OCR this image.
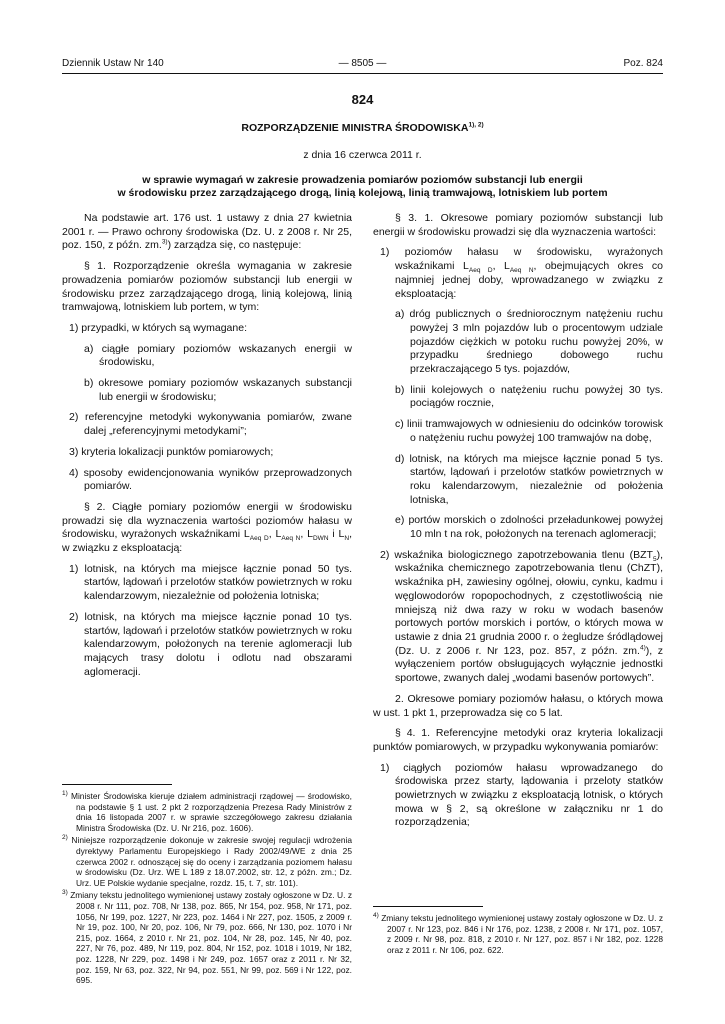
Dziennik Ustaw Nr 140	— 8505 —	Poz. 824
824
ROZPORZĄDZENIE MINISTRA $ŚRODOWISKA^{1), 2)}$
z dnia 16 czerwca 2011 r.
w sprawie wymagań w zakresie prowadzenia pomiarów poziomów substancji lub energii
w środowisku przez zarządzającego drogą, linią kolejową, linią tramwajową, lotniskiem lub portem

Na podstawie art. 176 ust. 1 ustawy z dnia 27 kwietnia 2001 r. — Prawo ochrony środowiska (Dz. U. z 2008 r. Nr 25, poz. 150, z późn. zm.$^{3)}$) zarządza się, co następuje:

§ 1. Rozporządzenie określa wymagania w zakresie prowadzenia pomiarów poziomów substancji lub energii w środowisku przez zarządzającego drogą, linią kolejową, linią tramwajową, lotniskiem lub portem, w tym:

1) przypadki, w których są wymagane:

a) ciągłe pomiary poziomów wskazanych energii w środowisku,

b) okresowe pomiary poziomów wskazanych substancji lub energii w środowisku;

2) referencyjne metodyki wykonywania pomiarów, zwane dalej „referencyjnymi metodykami”;

3) kryteria lokalizacji punktów pomiarowych;

4) sposoby ewidencjonowania wyników przeprowadzonych pomiarów.

§ 2. Ciągłe pomiary poziomów energii w środowisku prowadzi się dla wyznaczenia wartości poziomów hałasu w środowisku, wyrażonych wskaźnikami $L_{Aeq D}$, $L_{Aeq N}$, $L_{DWN}$ i $L_N$, w związku z eksploatacją:

1) lotnisk, na których ma miejsce łącznie ponad 50 tys. startów, lądowań i przelotów statków powietrznych w roku kalendarzowym, niezależnie od położenia lotniska;

2) lotnisk, na których ma miejsce łącznie ponad 10 tys. startów, lądowań i przelotów statków powietrznych w roku kalendarzowym, położonych na terenie aglomeracji lub mających trasy dolotu i odlotu nad obszarami aglomeracji.

$^{1)}$ Minister Środowiska kieruje działem administracji rządowej — środowisko, na podstawie § 1 ust. 2 pkt 2 rozporządzenia Prezesa Rady Ministrów z dnia 16 listopada 2007 r. w sprawie szczegółowego zakresu działania Ministra Środowiska (Dz. U. Nr 216, poz. 1606).

$^{2)}$ Niniejsze rozporządzenie dokonuje w zakresie swojej regulacji wdrożenia dyrektywy Parlamentu Europejskiego i Rady 2002/49/WE z dnia 25 czerwca 2002 r. odnoszącej się do oceny i zarządzania poziomem hałasu w środowisku (Dz. Urz. WE L 189 z 18.07.2002, str. 12, z późn. zm.; Dz. Urz. UE Polskie wydanie specjalne, rozdz. 15, t. 7, str. 101).

$^{3)}$ Zmiany tekstu jednolitego wymienionej ustawy zostały ogłoszone w Dz. U. z 2008 r. Nr 111, poz. 708, Nr 138, poz. 865, Nr 154, poz. 958, Nr 171, poz. 1056, Nr 199, poz. 1227, Nr 223, poz. 1464 i Nr 227, poz. 1505, z 2009 r. Nr 19, poz. 100, Nr 20, poz. 106, Nr 79, poz. 666, Nr 130, poz. 1070 i Nr 215, poz. 1664, z 2010 r. Nr 21, poz. 104, Nr 28, poz. 145, Nr 40, poz. 227, Nr 76, poz. 489, Nr 119, poz. 804, Nr 152, poz. 1018 i 1019, Nr 182, poz. 1228, Nr 229, poz. 1498 i Nr 249, poz. 1657 oraz z 2011 r. Nr 32, poz. 159, Nr 63, poz. 322, Nr 94, poz. 551, Nr 99, poz. 569 i Nr 122, poz. 695.

§ 3. 1. Okresowe pomiary poziomów substancji lub energii w środowisku prowadzi się dla wyznaczenia wartości:

1) poziomów hałasu w środowisku, wyrażonych wskaźnikami $L_{Aeq D}$, $L_{Aeq N}$, obejmujących okres co najmniej jednej doby, wprowadzanego w związku z eksploatacją:

a) dróg publicznych o średniorocznym natężeniu ruchu powyżej 3 mln pojazdów lub o procentowym udziale pojazdów ciężkich w potoku ruchu powyżej 20%, w przypadku średniego dobowego ruchu przekraczającego 5 tys. pojazdów,

b) linii kolejowych o natężeniu ruchu powyżej 30 tys. pociągów rocznie,

c) linii tramwajowych w odniesieniu do odcinków torowisk o natężeniu ruchu powyżej 100 tramwajów na dobę,

d) lotnisk, na których ma miejsce łącznie ponad 5 tys. startów, lądowań i przelotów statków powietrznych w roku kalendarzowym, niezależnie od położenia lotniska,

e) portów morskich o zdolności przeładunkowej powyżej 10 mln t na rok, położonych na terenach aglomeracji;

2) wskaźnika biologicznego zapotrzebowania tlenu $(BZT_5)$, wskaźnika chemicznego zapotrzebowania tlenu (ChZT), wskaźnika pH, zawiesiny ogólnej, ołowiu, cynku, kadmu i węglowodorów ropopochodnych, z częstotliwością nie mniejszą niż dwa razy w roku w wodach basenów portowych portów morskich i portów, o których mowa w ustawie z dnia 21 grudnia 2000 r. o żegludze śródlądowej (Dz. U. z 2006 r. Nr 123, poz. 857, z późn. zm.$^{4)}$), z wyłączeniem portów obsługujących wyłącznie jednostki sportowe, zwanych dalej „wodami basenów portowych”.

2. Okresowe pomiary poziomów hałasu, o których mowa w ust. 1 pkt 1, przeprowadza się co 5 lat.

§ 4. 1. Referencyjne metodyki oraz kryteria lokalizacji punktów pomiarowych, w przypadku wykonywania pomiarów:

1) ciągłych poziomów hałasu wprowadzanego do środowiska przez starty, lądowania i przeloty statków powietrznych w związku z eksploatacją lotnisk, o których mowa w § 2, są określone w załączniku nr 1 do rozporządzenia;

$^{4)}$ Zmiany tekstu jednolitego wymienionej ustawy zostały ogłoszone w Dz. U. z 2007 r. Nr 123, poz. 846 i Nr 176, poz. 1238, z 2008 r. Nr 171, poz. 1057, z 2009 r. Nr 98, poz. 818, z 2010 r. Nr 127, poz. 857 i Nr 182, poz. 1228 oraz z 2011 r. Nr 106, poz. 622.
